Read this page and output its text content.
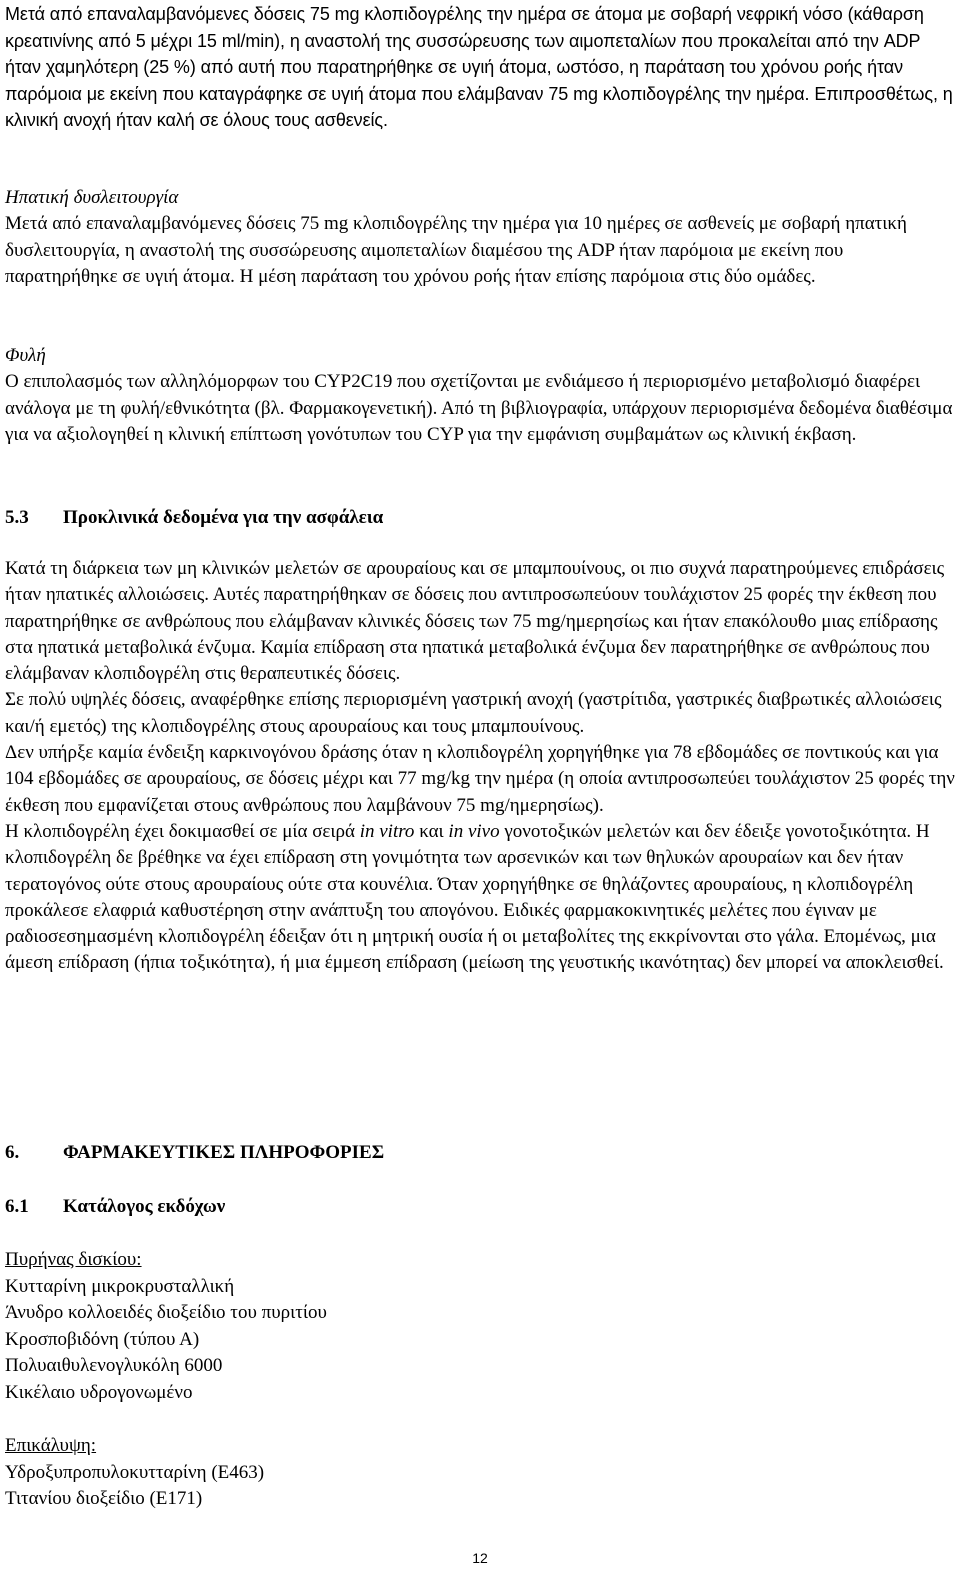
Μετά από επαναλαμβανόμενες δόσεις 75 mg κλοπιδογρέλης την ημέρα σε άτομα με σοβαρή νεφρική νόσο (κάθαρση κρεατινίνης από 5 μέχρι 15 ml/min), η αναστολή της συσσώρευσης των αιμοπεταλίων που προκαλείται από την ADP ήταν χαμηλότερη (25 %) από αυτή που παρατηρήθηκε σε υγιή άτομα, ωστόσο, η παράταση του χρόνου ροής ήταν παρόμοια με εκείνη που καταγράφηκε σε υγιή άτομα που ελάμβαναν 75 mg κλοπιδογρέλης την ημέρα. Επιπροσθέτως, η κλινική ανοχή ήταν καλή σε όλους τους ασθενείς.

Ηπατική δυσλειτουργία
Μετά από επαναλαμβανόμενες δόσεις 75 mg κλοπιδογρέλης την ημέρα για 10 ημέρες σε ασθενείς με σοβαρή ηπατική δυσλειτουργία, η αναστολή της συσσώρευσης αιμοπεταλίων διαμέσου της ADP ήταν παρόμοια με εκείνη που παρατηρήθηκε σε υγιή άτομα. Η μέση παράταση του χρόνου ροής ήταν επίσης παρόμοια στις δύο ομάδες.
Φυλή
Ο επιπολασμός των αλληλόμορφων του CYP2C19 που σχετίζονται με ενδιάμεσο ή περιορισμένο μεταβολισμό διαφέρει ανάλογα με τη φυλή/εθνικότητα (βλ. Φαρμακογενετική). Από τη βιβλιογραφία, υπάρχουν περιορισμένα δεδομένα διαθέσιμα για να αξιολογηθεί η κλινική επίπτωση γονότυπων του CYP για την εμφάνιση συμβαμάτων ως κλινική έκβαση.
5.3 Προκλινικά δεδομένα για την ασφάλεια
Κατά τη διάρκεια των μη κλινικών μελετών σε αρουραίους και σε μπαμπουίνους, οι πιο συχνά παρατηρούμενες επιδράσεις ήταν ηπατικές αλλοιώσεις. Αυτές παρατηρήθηκαν σε δόσεις που αντιπροσωπεύουν τουλάχιστον 25 φορές την έκθεση που παρατηρήθηκε σε ανθρώπους που ελάμβαναν κλινικές δόσεις των 75 mg/ημερησίως και ήταν επακόλουθο μιας επίδρασης στα ηπατικά μεταβολικά ένζυμα. Καμία επίδραση στα ηπατικά μεταβολικά ένζυμα δεν παρατηρήθηκε σε ανθρώπους που ελάμβαναν κλοπιδογρέλη στις θεραπευτικές δόσεις.
Σε πολύ υψηλές δόσεις, αναφέρθηκε επίσης περιορισμένη γαστρική ανοχή (γαστρίτιδα, γαστρικές διαβρωτικές αλλοιώσεις και/ή εμετός) της κλοπιδογρέλης στους αρουραίους και τους μπαμπουίνους.
Δεν υπήρξε καμία ένδειξη καρκινογόνου δράσης όταν η κλοπιδογρέλη χορηγήθηκε για 78 εβδομάδες σε ποντικούς και για 104 εβδομάδες σε αρουραίους, σε δόσεις μέχρι και 77 mg/kg την ημέρα (η οποία αντιπροσωπεύει τουλάχιστον 25 φορές την έκθεση που εμφανίζεται στους ανθρώπους που λαμβάνουν 75 mg/ημερησίως).
Η κλοπιδογρέλη έχει δοκιμασθεί σε μία σειρά in vitro και in vivo γονοτοξικών μελετών και δεν έδειξε γονοτοξικότητα. Η κλοπιδογρέλη δε βρέθηκε να έχει επίδραση στη γονιμότητα των αρσενικών και των θηλυκών αρουραίων και δεν ήταν τερατογόνος ούτε στους αρουραίους ούτε στα κουνέλια. Όταν χορηγήθηκε σε θηλάζοντες αρουραίους, η κλοπιδογρέλη προκάλεσε ελαφριά καθυστέρηση στην ανάπτυξη του απογόνου. Ειδικές φαρμακοκινητικές μελέτες που έγιναν με ραδιοσεσημασμένη κλοπιδογρέλη έδειξαν ότι η μητρική ουσία ή οι μεταβολίτες της εκκρίνονται στο γάλα. Επομένως, μια άμεση επίδραση (ήπια τοξικότητα), ή μια έμμεση επίδραση (μείωση της γευστικής ικανότητας) δεν μπορεί να αποκλεισθεί.
6. ΦΑΡΜΑΚΕΥΤΙΚΕΣ ΠΛΗΡΟΦΟΡΙΕΣ
6.1 Κατάλογος εκδόχων
Πυρήνας δισκίου:
Κυτταρίνη μικροκρυσταλλική
Άνυδρο κολλοειδές διοξείδιο του πυριτίου
Κροσποβιδόνη (τύπου Α)
Πολυαιθυλενογλυκόλη 6000
Κικέλαιο υδρογονωμένο
Επικάλυψη:
Υδροξυπροπυλοκυτταρίνη (Ε463)
Τιτανίου διοξείδιο (Ε171)
12
